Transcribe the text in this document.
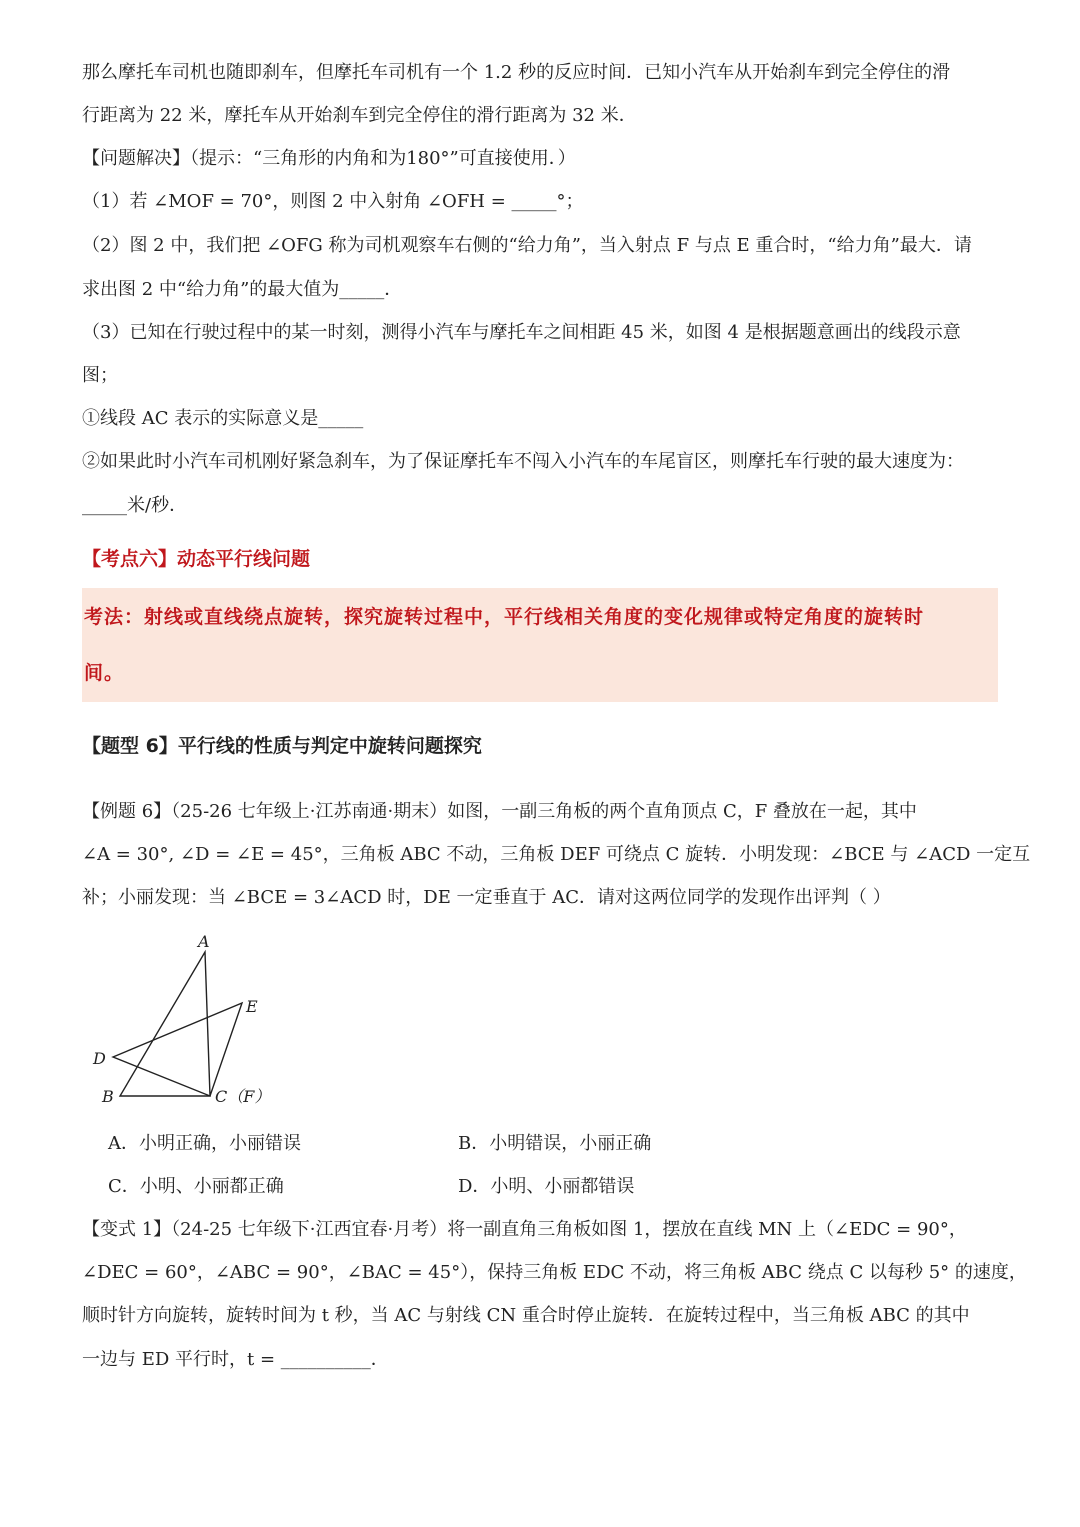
那么摩托车司机也随即刹车，但摩托车司机有一个 1.2 秒的反应时间．已知小汽车从开始刹车到完全停住的滑
行距离为 22 米，摩托车从开始刹车到完全停住的滑行距离为 32 米．
【问题解决】（提示：“三角形的内角和为180°”可直接使用．）
（1）若 ∠MOF = 70°，则图 2 中入射角 ∠OFH = _____°；
（2）图 2 中，我们把 ∠OFG 称为司机观察车右侧的“给力角”，当入射点 F 与点 E 重合时，“给力角”最大．请
求出图 2 中“给力角”的最大值为_____．
（3）已知在行驶过程中的某一时刻，测得小汽车与摩托车之间相距 45 米，如图 4 是根据题意画出的线段示意
图；
①线段 AC 表示的实际意义是_____
②如果此时小汽车司机刚好紧急刹车，为了保证摩托车不闯入小汽车的车尾盲区，则摩托车行驶的最大速度为：
_____米/秒．
【考点六】动态平行线问题
考法：射线或直线绕点旋转，探究旋转过程中，平行线相关角度的变化规律或特定角度的旋转时
间。
【题型 6】平行线的性质与判定中旋转问题探究
【例题 6】（25-26 七年级上·江苏南通·期末）如图，一副三角板的两个直角顶点 C，F 叠放在一起，其中
∠A = 30°, ∠D = ∠E = 45°，三角板 ABC 不动，三角板 DEF 可绕点 C 旋转．小明发现：∠BCE 与 ∠ACD 一定互
补；小丽发现：当 ∠BCE = 3∠ACD 时，DE 一定垂直于 AC．请对这两位同学的发现作出评判（ ）
A
E
D
B	C（F）
A．小明正确，小丽错误	B．小明错误，小丽正确
C．小明、小丽都正确	D．小明、小丽都错误
【变式 1】（24-25 七年级下·江西宜春·月考）将一副直角三角板如图 1，摆放在直线 MN 上（∠EDC = 90°，
∠DEC = 60°，∠ABC = 90°，∠BAC = 45°），保持三角板 EDC 不动，将三角板 ABC 绕点 C 以每秒 5° 的速度，
顺时针方向旋转，旋转时间为 t 秒，当 AC 与射线 CN 重合时停止旋转．在旋转过程中，当三角板 ABC 的其中
一边与 ED 平行时，t = __________．
